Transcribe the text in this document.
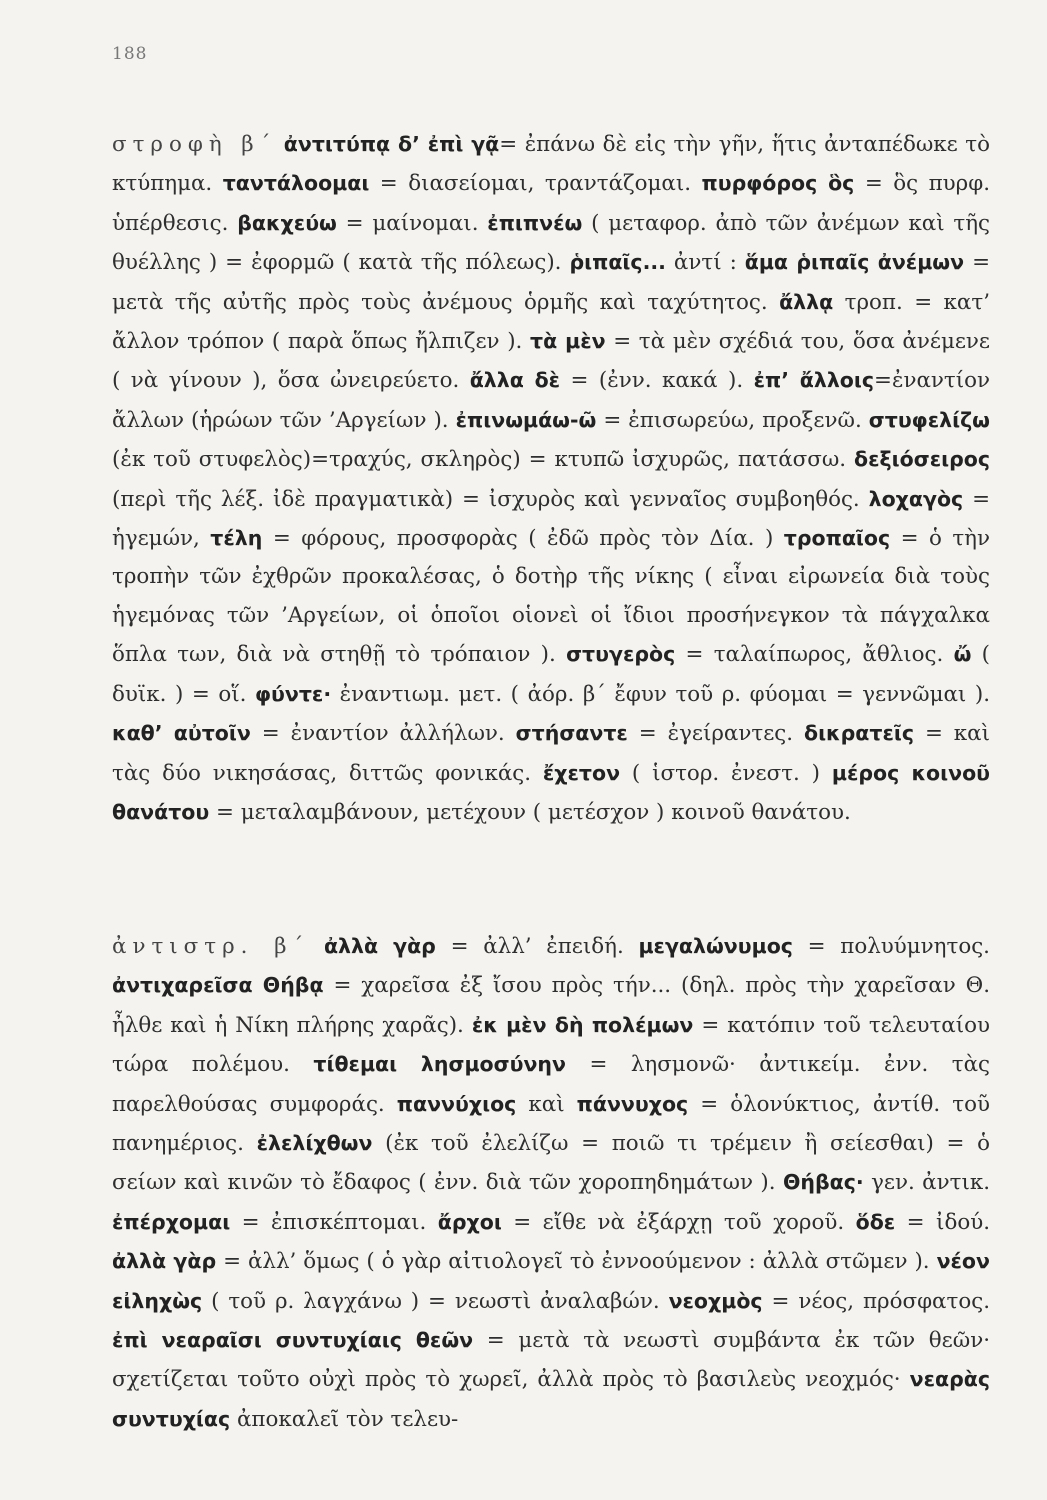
188
στροφὴ β΄ ἀντιτύπᾳ δ’ ἐπὶ γᾷ= ἐπάνω δὲ εἰς τὴν γῆν, ἥτις ἀνταπέδωκε τὸ κτύπημα. ταντάλοομαι = διασείομαι, τραντάζομαι. πυρφόρος ὃς = ὃς πυρφ. ὑπέρθεσις. βακχεύω = μαίνομαι. ἐπιπνέω ( μεταφορ. ἀπὸ τῶν ἀνέμων καὶ τῆς θυέλλης ) = ἐφορμῶ ( κατὰ τῆς πόλεως). ῥιπαῖς... ἀντί : ἅμα ῥιπαῖς ἀνέμων = μετὰ τῆς αὐτῆς πρὸς τοὺς ἀνέμους ὁρμῆς καὶ ταχύτητος. ἄλλᾳ τροπ. = κατ’ ἄλλον τρόπον ( παρὰ ὅπως ἤλπιζεν ). τὰ μὲν = τὰ μὲν σχέδιά του, ὅσα ἀνέμενε ( νὰ γίνουν ), ὅσα ὠνειρεύετο. ἄλλα δὲ = (ἐνν. κακά ). ἐπ’ ἄλλοις=ἐναντίον ἄλλων (ἡρώων τῶν ’Αργείων ). ἐπινωμάω-ῶ = ἐπισωρεύω, προξενῶ. στυφελίζω (ἐκ τοῦ στυφελὸς)=τραχύς, σκληρὸς) = κτυπῶ ἰσχυρῶς, πατάσσω. δεξιόσειρος (περὶ τῆς λέξ. ἰδὲ πραγματικὰ) = ἰσχυρὸς καὶ γενναῖος συμβοηθός. λοχαγὸς = ἡγεμών, τέλη = φόρους, προσφορὰς ( ἐδῶ πρὸς τὸν Δία. ) τροπαῖος = ὁ τὴν τροπὴν τῶν ἐχθρῶν προκαλέσας, ὁ δοτὴρ τῆς νίκης ( εἶναι εἰρωνεία διὰ τοὺς ἡγεμόνας τῶν ’Αργείων, οἱ ὁποῖοι οἱονεὶ οἱ ἴδιοι προσήνεγκον τὰ πάγχαλκα ὅπλα των, διὰ νὰ στηθῇ τὸ τρόπαιον ). στυγερὸς = ταλαίπωρος, ἄθλιος. ὤ ( δυϊκ. ) = οἵ. φύντε· ἐναντιωμ. μετ. ( ἀόρ. β΄ ἔφυν τοῦ ρ. φύομαι = γεννῶμαι ). καθ’ αὐτοῖν = ἐναντίον ἀλλήλων. στήσαντε = ἐγείραντες. δικρατεῖς = καὶ τὰς δύο νικησάσας, διττῶς φονικάς. ἔχετον ( ἱστορ. ἐνεστ. ) μέρος κοινοῦ θανάτου = μεταλαμβάνουν, μετέχουν ( μετέσχον ) κοινοῦ θανάτου.
ἀντιστρ. β΄ ἀλλὰ γὰρ = ἀλλ’ ἐπειδή. μεγαλώνυμος = πολυύμνητος. ἀντιχαρεῖσα Θήβᾳ = χαρεῖσα ἐξ ἴσου πρὸς τήν... (δηλ. πρὸς τὴν χαρεῖσαν Θ. ἦλθε καὶ ἡ Νίκη πλήρης χαρᾶς). ἐκ μὲν δὴ πολέμων = κατόπιν τοῦ τελευταίου τώρα πολέμου. τίθεμαι λησμοσύνην = λησμονῶ· ἀντικείμ. ἐνν. τὰς παρελθούσας συμφοράς. παννύχιος καὶ πάννυχος = ὁλονύκτιος, ἀντίθ. τοῦ πανημέριος. ἐλελίχθων (ἐκ τοῦ ἐλελίζω = ποιῶ τι τρέμειν ἢ σείεσθαι) = ὁ σείων καὶ κινῶν τὸ ἔδαφος ( ἐνν. διὰ τῶν χοροπηδημάτων ). Θήβας· γεν. ἀντικ. ἐπέρχομαι = ἐπισκέπτομαι. ἄρχοι = εἴθε νὰ ἐξάρχῃ τοῦ χοροῦ. ὅδε = ἰδού. ἀλλὰ γὰρ = ἀλλ’ ὅμως ( ὁ γὰρ αἰτιολογεῖ τὸ ἐννοούμενον : ἀλλὰ στῶμεν ). νέον εἰληχὼς ( τοῦ ρ. λαγχάνω ) = νεωστὶ ἀναλαβών. νεοχμὸς = νέος, πρόσφατος. ἐπὶ νεαραῖσι συντυχίαις θεῶν = μετὰ τὰ νεωστὶ συμβάντα ἐκ τῶν θεῶν· σχετίζεται τοῦτο οὐχὶ πρὸς τὸ χωρεῖ, ἀλλὰ πρὸς τὸ βασιλεὺς νεοχμός· νεαρὰς συντυχίας ἀποκαλεῖ τὸν τελευ-
